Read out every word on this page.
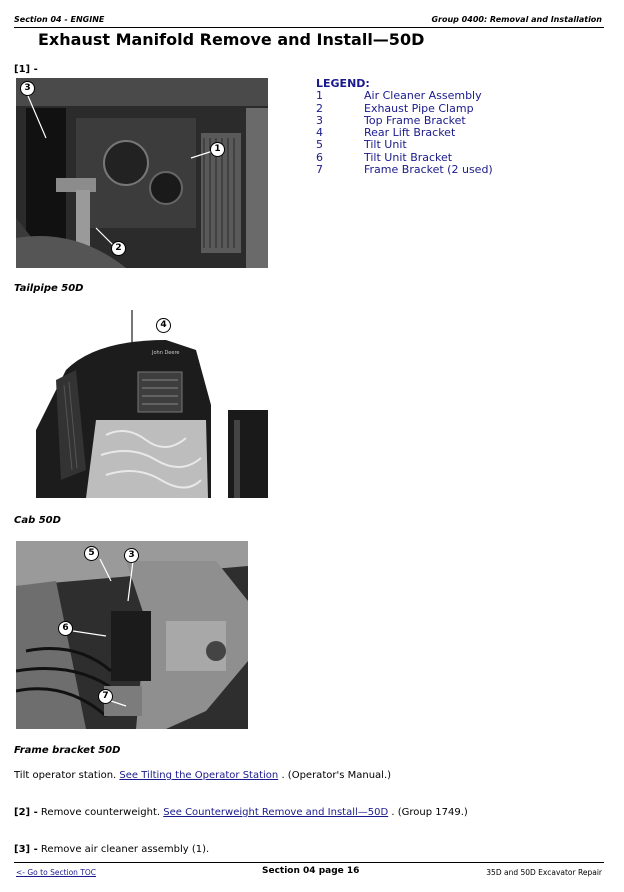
Section 04 - ENGINE	Group 0400: Removal and Installation
Exhaust Manifold Remove and Install—50D
[1] -
3
1
2
LEGEND:
1	Air Cleaner Assembly
2	Exhaust Pipe Clamp
3	Top Frame Bracket
4	Rear Lift Bracket
5	Tilt Unit
6	Tilt Unit Bracket
7	Frame Bracket (2 used)
Tailpipe 50D
John Deere
4
Cab 50D
5	3
6
7
Frame bracket 50D
Tilt operator station. See Tilting the Operator Station . (Operator's Manual.)
[2] - Remove counterweight. See Counterweight Remove and Install—50D . (Group 1749.)
[3] - Remove air cleaner assembly (1).
<- Go to Section TOC	Section 04 page 16	35D and 50D Excavator Repair
